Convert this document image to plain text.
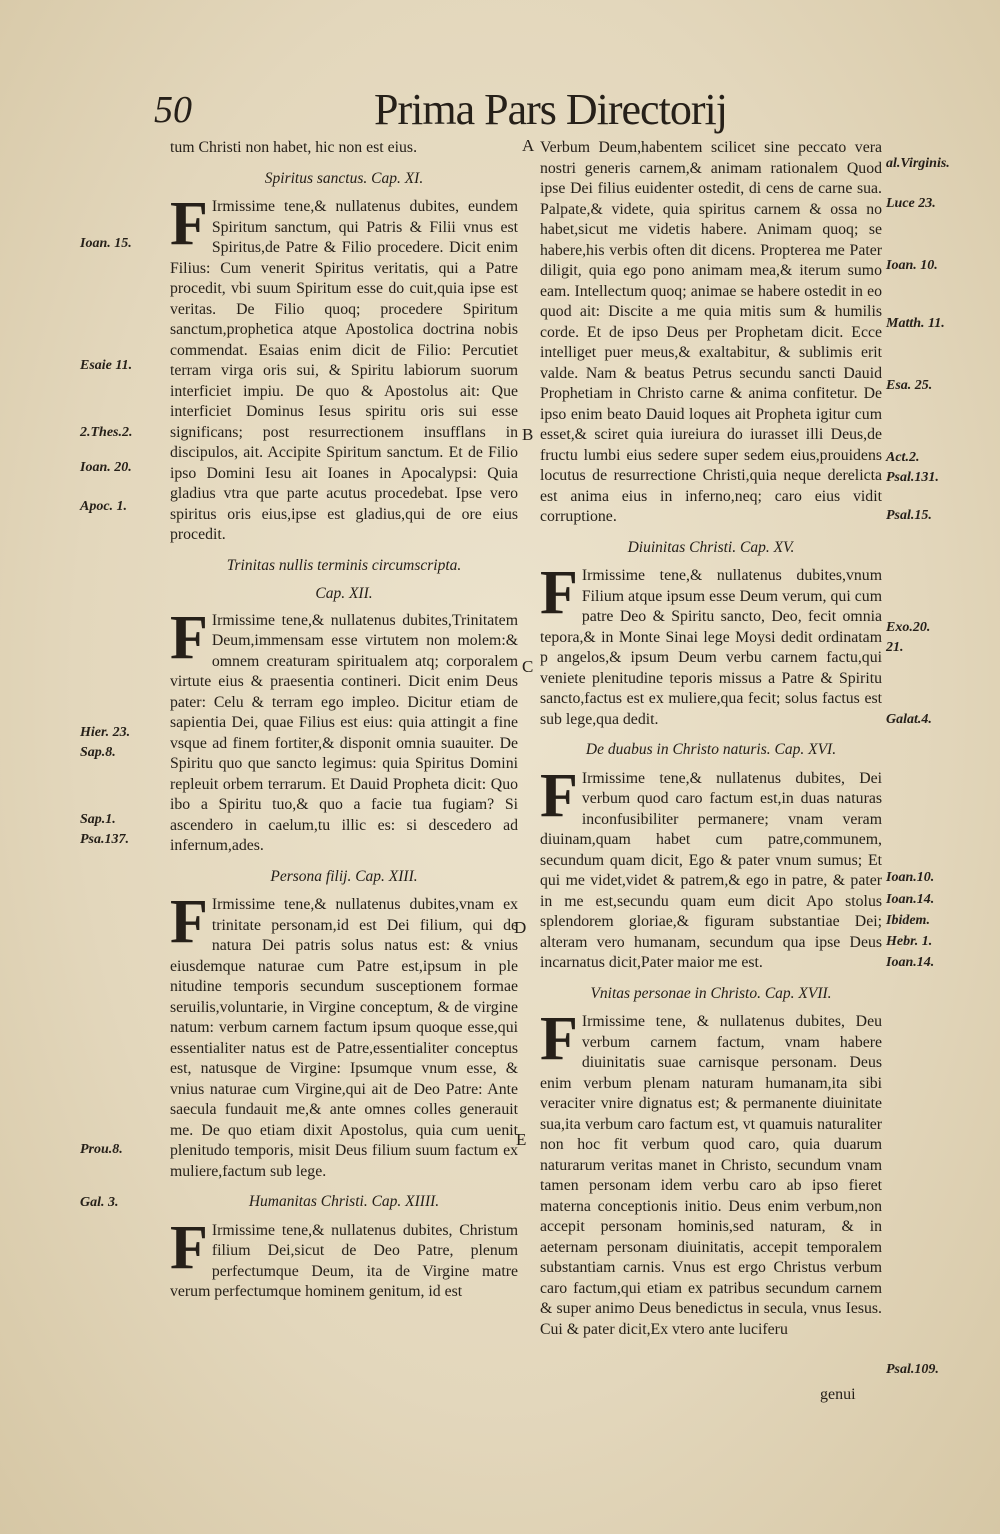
50	Prima Pars Directorij

tum Christi non habet, hic non est eius.

Spiritus sanctus. Cap. XI.

F Irmissime tene,& nullatenus dubites, eundem Spiritum sanctum, qui Patris & Filii vnus est Spiritus,de Patre & Filio procedere. Dicit enim Filius: Cum venerit Spiritus veritatis, qui a Patre procedit, vbi suum Spiritum esse do cuit,quia ipse est veritas. De Filio quoq; procedere Spiritum sanctum,prophetica atque Apostolica doctrina nobis commendat. Esaias enim dicit de Filio: Percutiet terram virga oris sui, & Spiritu labiorum suorum interficiet impiu. De quo & Apostolus ait: Que interficiet Dominus Iesus spiritu oris sui esse significans; post resurrectionem insufflans in discipulos, ait. Accipite Spiritum sanctum. Et de Filio ipso Domini Iesu ait Ioanes in Apocalypsi: Quia gladius vtra que parte acutus procedebat. Ipse vero spiritus oris eius,ipse est gladius,qui de ore eius procedit.

Trinitas nullis terminis circumscripta.
Cap. XII.

F Irmissime tene,& nullatenus dubites,Trinitatem Deum,immensam esse virtutem non molem:& omnem creaturam spiritualem atq; corporalem virtute eius & praesentia contineri. Dicit enim Deus pater: Celu & terram ego impleo. Dicitur etiam de sapientia Dei, quae Filius est eius: quia attingit a fine vsque ad finem fortiter,& disponit omnia suauiter. De Spiritu quo que sancto legimus: quia Spiritus Domini repleuit orbem terrarum. Et Dauid Propheta dicit: Quo ibo a Spiritu tuo,& quo a facie tua fugiam? Si ascendero in caelum,tu illic es: si descedero ad infernum,ades.

Persona filij. Cap. XIII.

F Irmissime tene,& nullatenus dubites,vnam ex trinitate personam,id est Dei filium, qui de natura Dei patris solus natus est: & vnius eiusdemque naturae cum Patre est,ipsum in ple nitudine temporis secundum susceptionem formae seruilis,voluntarie, in Virgine conceptum, & de virgine natum: verbum carnem factum ipsum quoque esse,qui essentialiter natus est de Patre,essentialiter conceptus est, natusque de Virgine: Ipsumque vnum esse, & vnius naturae cum Virgine,qui ait de Deo Patre: Ante saecula fundauit me,& ante omnes colles generauit me. De quo etiam dixit Apostolus, quia cum uenit plenitudo temporis, misit Deus filium suum factum ex muliere,factum sub lege.

Humanitas Christi. Cap. XIIII.

F Irmissime tene,& nullatenus dubites, Christum filium Dei,sicut de Deo Patre, plenum perfectumque Deum, ita de Virgine matre verum perfectumque hominem genitum, id est

Verbum Deum,habentem scilicet sine peccato vera nostri generis carnem,& animam rationalem Quod ipse Dei filius euidenter ostedit, di cens de carne sua. Palpate,& videte, quia spiritus carnem & ossa no habet,sicut me videtis habere. Animam quoq; se habere,his verbis often dit dicens. Propterea me Pater diligit, quia ego pono animam mea,& iterum sumo eam. Intellectum quoq; animae se habere ostedit in eo quod ait: Discite a me quia mitis sum & humilis corde. Et de ipso Deus per Prophetam dicit. Ecce intelliget puer meus,& exaltabitur, & sublimis erit valde. Nam & beatus Petrus secundu sancti Dauid Prophetiam in Christo carne & anima confitetur. De ipso enim beato Dauid loques ait Propheta igitur cum esset,& sciret quia iureiura do iurasset illi Deus,de fructu lumbi eius sedere super sedem eius,prouidens locutus de resurrectione Christi,quia neque derelicta est anima eius in inferno,neq; caro eius vidit corruptione.

Diuinitas Christi. Cap. XV.

F Irmissime tene,& nullatenus dubites,vnum Filium atque ipsum esse Deum verum, qui cum patre Deo & Spiritu sancto, Deo, fecit omnia tepora,& in Monte Sinai lege Moysi dedit ordinatam p angelos,& ipsum Deum verbu carnem factu,qui veniete plenitudine teporis missus a Patre & Spiritu sancto,factus est ex muliere,qua fecit; solus factus est sub lege,qua dedit.

De duabus in Christo naturis. Cap. XVI.

F Irmissime tene,& nullatenus dubites, Dei verbum quod caro factum est,in duas naturas inconfusibiliter permanere; vnam veram diuinam,quam habet cum patre,communem, secundum quam dicit, Ego & pater vnum sumus; Et qui me videt,videt & patrem,& ego in patre, & pater in me est,secundu quam eum dicit Apo stolus splendorem gloriae,& figuram substantiae Dei; alteram vero humanam, secundum qua ipse Deus incarnatus dicit,Pater maior me est.

Vnitas personae in Christo. Cap. XVII.

F Irmissime tene, & nullatenus dubites, Deu verbum carnem factum, vnam habere diuinitatis suae carnisque personam. Deus enim verbum plenam naturam humanam,ita sibi veraciter vnire dignatus est; & permanente diuinitate sua,ita verbum caro factum est, vt quamuis naturaliter non hoc fit verbum quod caro, quia duarum naturarum veritas manet in Christo, secundum vnam tamen personam idem verbu caro ab ipso fieret materna conceptionis initio. Deus enim verbum,non accepit personam hominis,sed naturam, & in aeternam personam diuinitatis, accepit temporalem substantiam carnis. Vnus est ergo Christus verbum caro factum,qui etiam ex patribus secundum carnem & super animo Deus benedictus in secula, vnus Iesus. Cui & pater dicit,Ex vtero ante luciferu

genui
A
B
C
D
E
Ioan. 15.
Esaie 11.
2.Thes.2.
Ioan. 20.
Apoc. 1.
Hier. 23.
Sap.8.
Sap.1.
Psa.137.
Prou.8.
Gal. 3.
al.Virginis.
Luce 23.
Ioan. 10.
Matth. 11.
Esa. 25.
Act.2.
Psal.131.
Psal.15.
Exo.20.
21.
Galat.4.
Ioan.10.
Ioan.14.
Ibidem.
Hebr. 1.
Ioan.14.
Psal.109.
